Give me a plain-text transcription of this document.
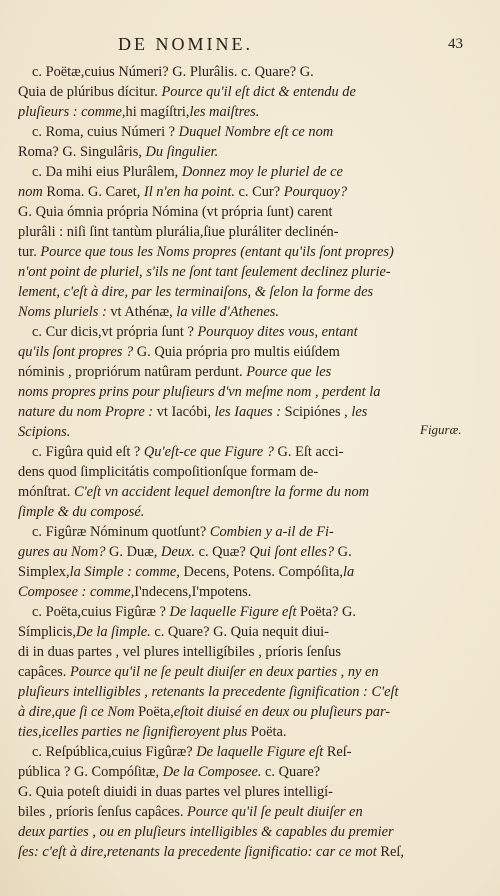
DE NOMINE.	43
c. Poëtæ,cuius Númeri? G. Plurâlis. c. Quare? G.
Quia de plúribus dícitur. Pource qu'il eſt dict & entendu de
pluſieurs : comme,hi magíſtri,les maiſtres.
c. Roma, cuius Númeri ? Duquel Nombre eſt ce nom
Roma? G. Singulâris, Du ſingulier.
c. Da mihi eius Plurâlem, Donnez moy le pluriel de ce
nom Roma. G. Caret, Il n'en ha point. c. Cur? Pourquoy?
G. Quia ómnia própria Nómina (vt própria ſunt) carent
plurâli : niſi ſint tantùm plurália,ſiue pluráliter declinén-
tur. Pource que tous les Noms propres (entant qu'ils ſont propres)
n'ont point de pluriel, s'ils ne ſont tant ſeulement declinez plurie-
lement, c'eſt à dire, par les terminaiſons, & ſelon la forme des
Noms pluriels : vt Athénæ, la ville d'Athenes.
c. Cur dicis,vt própria ſunt ? Pourquoy dites vous, entant
qu'ils ſont propres ? G. Quia própria pro multis eiúſdem
nóminis , propriórum natûram perdunt. Pource que les
noms propres prins pour pluſieurs d'vn meſme nom , perdent la
nature du nom Propre : vt Iacóbi, les Iaques : Scipiónes , les
Scipions.
c. Figûra quid eſt ? Qu'eſt-ce que Figure ? G. Eſt acci-
dens quod ſimplicitátis compoſitionſque formam de-
mónſtrat. C'eſt vn accident lequel demonſtre la forme du nom
ſimple & du composé.
c. Figûræ Nóminum quotſunt? Combien y a-il de Fi-
gures au Nom? G. Duæ, Deux. c. Quæ? Qui ſont elles? G.
Simplex,la Simple : comme, Decens, Potens. Compóſita,la
Composee : comme,I'ndecens,I'mpotens.
c. Poëta,cuius Figûræ ? De laquelle Figure eſt Poëta? G.
Símplicis,De la ſimple. c. Quare? G. Quia nequit diui-
di in duas partes , vel plures intelligíbiles , príoris ſenſus
capâces. Pource qu'il ne ſe peult diuiſer en deux parties , ny en
pluſieurs intelligibles , retenants la precedente ſignification : C'eſt
à dire,que ſi ce Nom Poëta,eſtoit diuisé en deux ou pluſieurs par-
ties,icelles parties ne ſignifieroyent plus Poëta.
c. Reſpública,cuius Figûræ? De laquelle Figure eſt Reſ-
pública ? G. Compóſitæ, De la Composee. c. Quare?
G. Quia poteſt diuidi in duas partes vel plures intelligí-
biles , príoris ſenſus capâces. Pource qu'il ſe peult diuiſer en
deux parties , ou en pluſieurs intelligibles & capables du premier
ſes: c'eſt à dire,retenants la precedente ſignificatio: car ce mot Reſ,
Figuræ.
